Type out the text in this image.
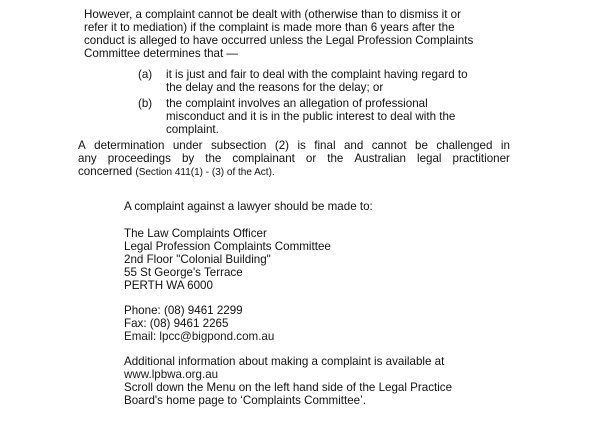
However, a complaint cannot be dealt with (otherwise than to dismiss it or
refer it to mediation) if the complaint is made more than 6 years after the
conduct is alleged to have occurred unless the Legal Profession Complaints
Committee determines that —
(a) it is just and fair to deal with the complaint having regard to
the delay and the reasons for the delay; or
(b) the complaint involves an allegation of professional
misconduct and it is in the public interest to deal with the
complaint.
A determination under subsection (2) is final and cannot be challenged in
any proceedings by the complainant or the Australian legal practitioner
concerned (Section 411(1) - (3) of the Act).
A complaint against a lawyer should be made to:
The Law Complaints Officer
Legal Profession Complaints Committee
2nd Floor "Colonial Building"
55 St George's Terrace
PERTH WA 6000
Phone: (08) 9461 2299
Fax: (08) 9461 2265
Email: lpcc@bigpond.com.au
Additional information about making a complaint is available at
www.lpbwa.org.au
Scroll down the Menu on the left hand side of the Legal Practice
Board's home page to ‘Complaints Committee’.
